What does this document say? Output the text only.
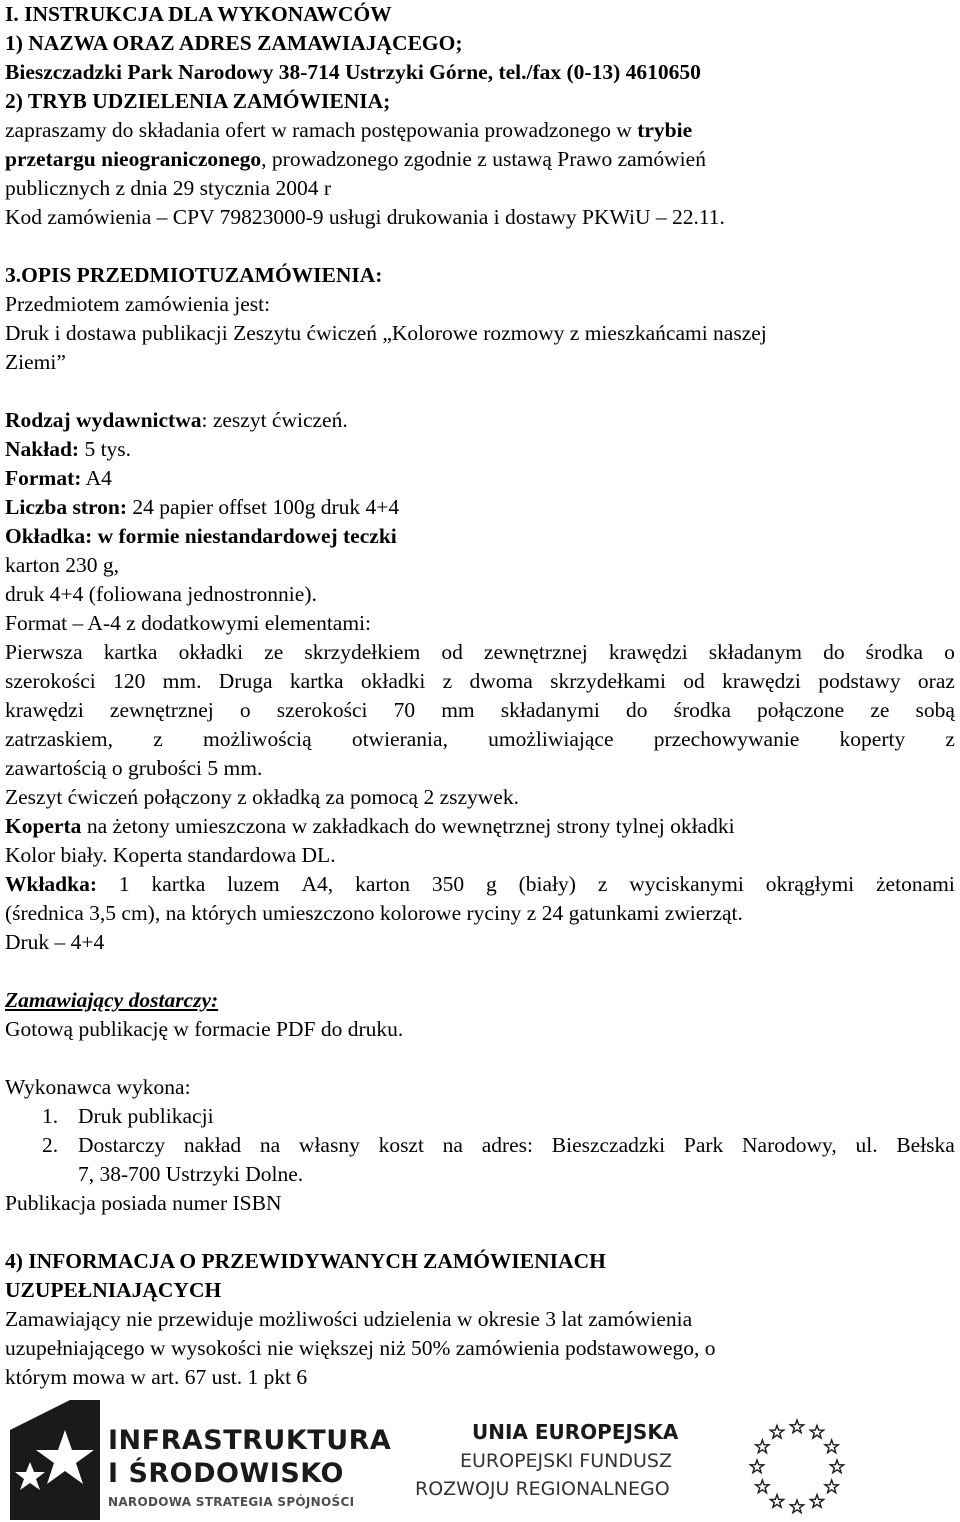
I. INSTRUKCJA DLA WYKONAWCÓW
1) NAZWA ORAZ ADRES ZAMAWIAJĄCEGO;
Bieszczadzki Park Narodowy 38-714 Ustrzyki Górne, tel./fax (0-13) 4610650
2) TRYB UDZIELENIA ZAMÓWIENIA;
zapraszamy do składania ofert w ramach postępowania prowadzonego w trybie
przetargu nieograniczonego, prowadzonego zgodnie z ustawą Prawo zamówień
publicznych z dnia 29 stycznia 2004 r
Kod zamówienia – CPV 79823000-9 usługi drukowania i dostawy PKWiU – 22.11.
3.OPIS PRZEDMIOTUZAMÓWIENIA:
Przedmiotem zamówienia jest:
Druk i dostawa publikacji Zeszytu ćwiczeń „Kolorowe rozmowy z mieszkańcami naszej
Ziemi”
Rodzaj wydawnictwa: zeszyt ćwiczeń.
Nakład: 5 tys.
Format: A4
Liczba stron: 24 papier offset 100g druk 4+4
Okładka: w formie niestandardowej teczki
karton 230 g,
druk 4+4 (foliowana jednostronnie).
Format – A-4 z dodatkowymi elementami:
Pierwsza kartka okładki ze skrzydełkiem od zewnętrznej krawędzi składanym do środka o
szerokości 120 mm. Druga kartka okładki z dwoma skrzydełkami od krawędzi podstawy oraz
krawędzi zewnętrznej o szerokości 70 mm składanymi do środka połączone ze sobą
zatrzaskiem, z możliwością otwierania, umożliwiające przechowywanie koperty z
zawartością o grubości 5 mm.
Zeszyt ćwiczeń połączony z okładką za pomocą 2 zszywek.
Koperta na żetony umieszczona w zakładkach do wewnętrznej strony tylnej okładki
Kolor biały. Koperta standardowa DL.
Wkładka: 1 kartka luzem A4, karton 350 g (biały) z wyciskanymi okrągłymi żetonami
(średnica 3,5 cm), na których umieszczono kolorowe ryciny z 24 gatunkami zwierząt.
Druk – 4+4
Zamawiający dostarczy:
Gotową publikację w formacie PDF do druku.
Wykonawca wykona:
1. Druk publikacji
2. Dostarczy nakład na własny koszt na adres: Bieszczadzki Park Narodowy, ul. Bełska
7, 38-700 Ustrzyki Dolne.
Publikacja posiada numer ISBN
4) INFORMACJA O PRZEWIDYWANYCH ZAMÓWIENIACH
UZUPEŁNIAJĄCYCH
Zamawiający nie przewiduje możliwości udzielenia w okresie 3 lat zamówienia
uzupełniającego w wysokości nie większej niż 50% zamówienia podstawowego, o
którym mowa w art. 67 ust. 1 pkt 6
INFRASTRUKTURA
I ŚRODOWISKO
NARODOWA STRATEGIA SPÓJNOŚCI
UNIA EUROPEJSKA
EUROPEJSKI FUNDUSZ
ROZWOJU REGIONALNEGO
